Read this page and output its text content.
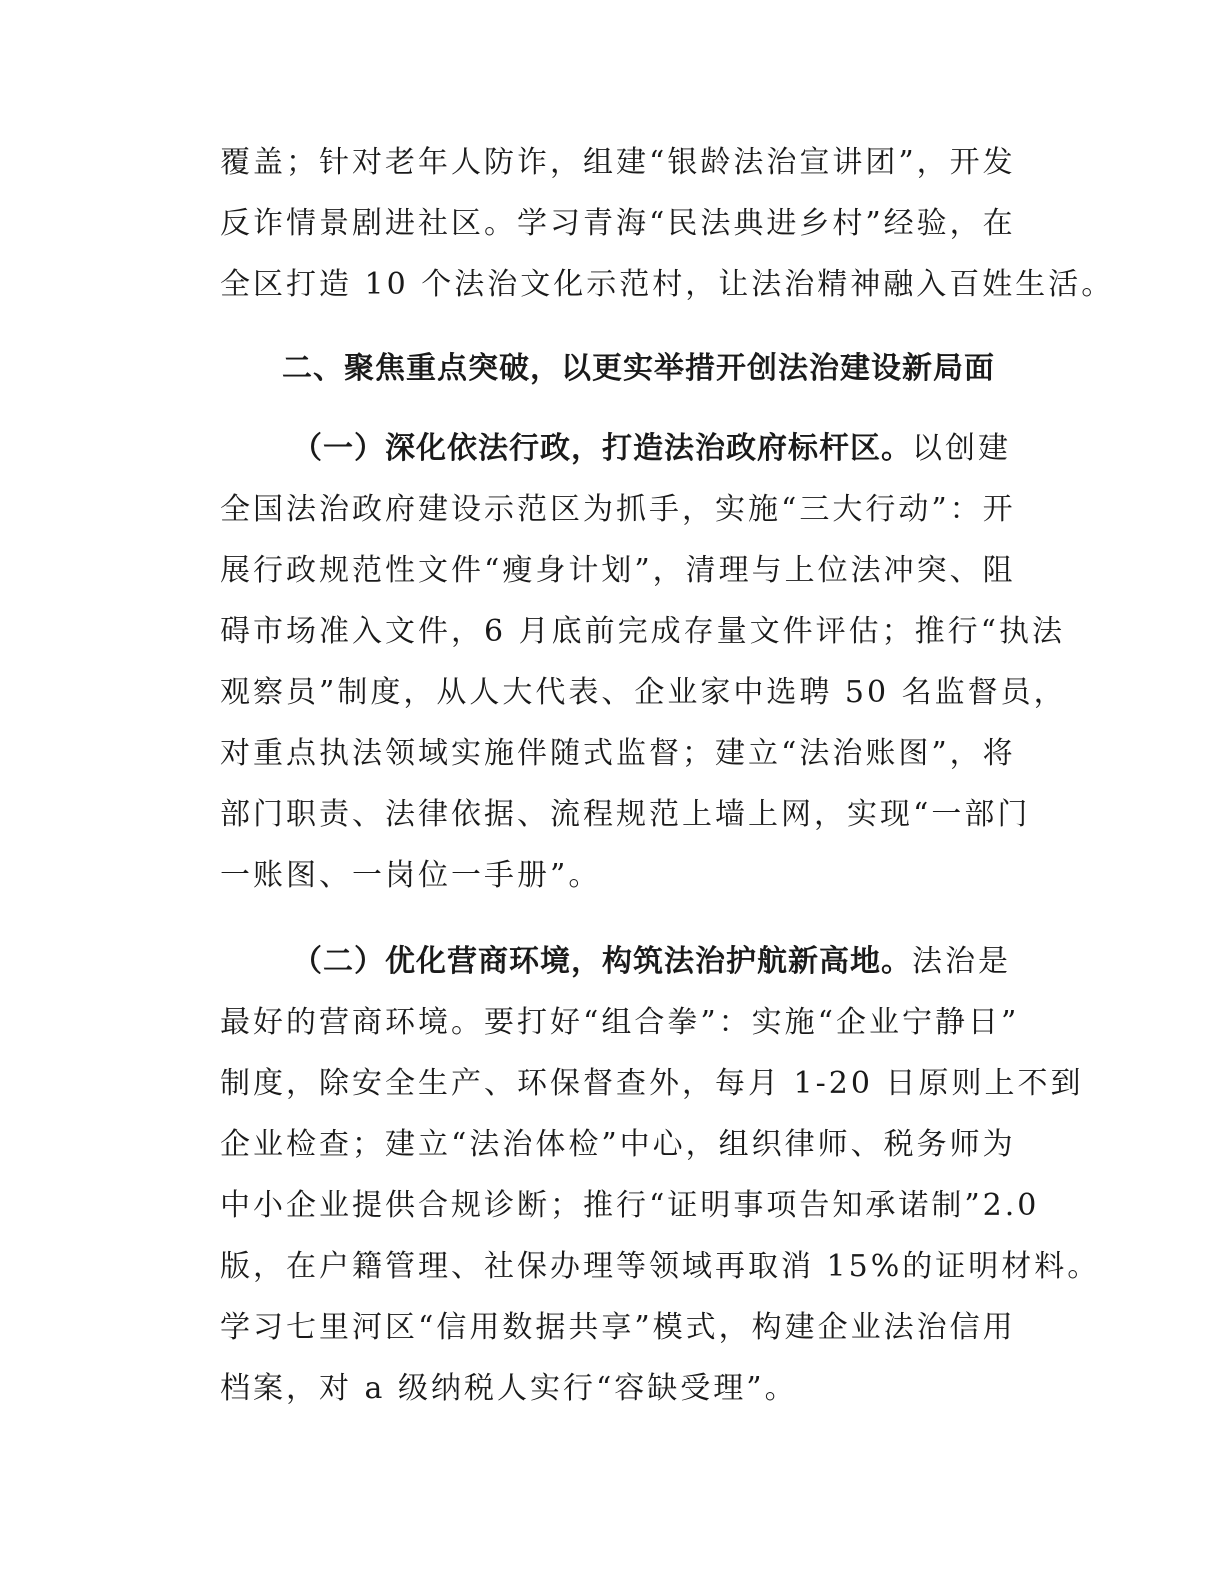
覆盖；针对老年人防诈，组建“银龄法治宣讲团”，开发
反诈情景剧进社区。学习青海“民法典进乡村”经验，在
全区打造 10 个法治文化示范村，让法治精神融入百姓生活。
二、聚焦重点突破，以更实举措开创法治建设新局面
（一）深化依法行政，打造法治政府标杆区。以创建
全国法治政府建设示范区为抓手，实施“三大行动”：开
展行政规范性文件“瘦身计划”，清理与上位法冲突、阻
碍市场准入文件，6 月底前完成存量文件评估；推行“执法
观察员”制度，从人大代表、企业家中选聘 50 名监督员，
对重点执法领域实施伴随式监督；建立“法治账图”，将
部门职责、法律依据、流程规范上墙上网，实现“一部门
一账图、一岗位一手册”。
（二）优化营商环境，构筑法治护航新高地。法治是
最好的营商环境。要打好“组合拳”：实施“企业宁静日”
制度，除安全生产、环保督查外，每月 1-20 日原则上不到
企业检查；建立“法治体检”中心，组织律师、税务师为
中小企业提供合规诊断；推行“证明事项告知承诺制”2.0
版，在户籍管理、社保办理等领域再取消 15%的证明材料。
学习七里河区“信用数据共享”模式，构建企业法治信用
档案，对 a 级纳税人实行“容缺受理”。
